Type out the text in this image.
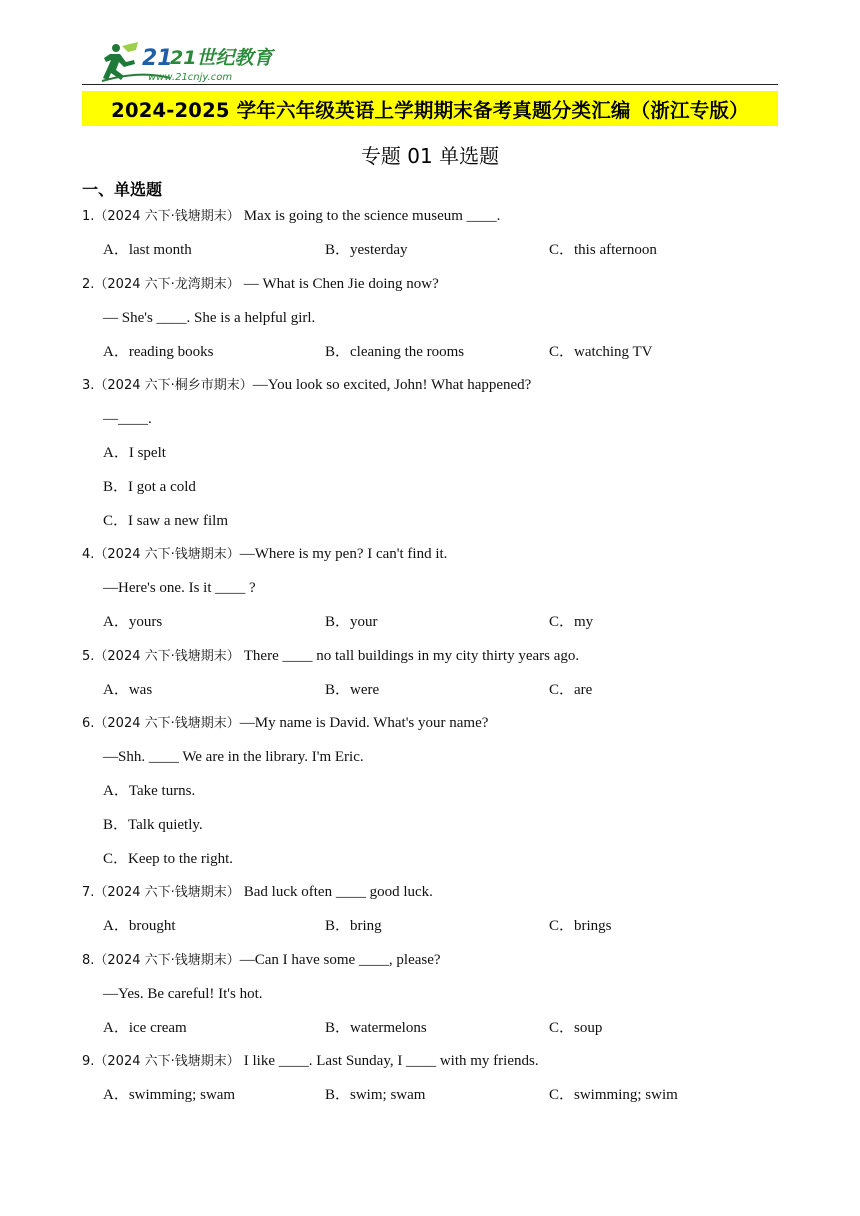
21
21世纪教育
www.21cnjy.com
2024-2025 学年六年级英语上学期期末备考真题分类汇编（浙江专版）
专题 01 单选题
一、单选题
1.（2024 六下·钱塘期末） Max is going to the science museum ____.
A．last month	B．yesterday	C．this afternoon
2.（2024 六下·龙湾期末） — What is Chen Jie doing now?
— She's ____. She is a helpful girl.
A．reading books	B．cleaning the rooms	C．watching TV
3.（2024 六下·桐乡市期末）—You look so excited, John! What happened?
—____.
A．I spelt
B．I got a cold
C．I saw a new film
4.（2024 六下·钱塘期末）—Where is my pen? I can't find it.
—Here's one. Is it ____ ?
A．yours	B．your	C．my
5.（2024 六下·钱塘期末） There ____ no tall buildings in my city thirty years ago.
A．was	B．were	C．are
6.（2024 六下·钱塘期末）—My name is David. What's your name?
—Shh. ____ We are in the library. I'm Eric.
A．Take turns.
B．Talk quietly.
C．Keep to the right.
7.（2024 六下·钱塘期末） Bad luck often ____ good luck.
A．brought	B．bring	C．brings
8.（2024 六下·钱塘期末）—Can I have some ____, please?
—Yes. Be careful! It's hot.
A．ice cream	B．watermelons	C．soup
9.（2024 六下·钱塘期末） I like ____. Last Sunday, I ____ with my friends.
A．swimming; swam	B．swim; swam	C．swimming; swim
